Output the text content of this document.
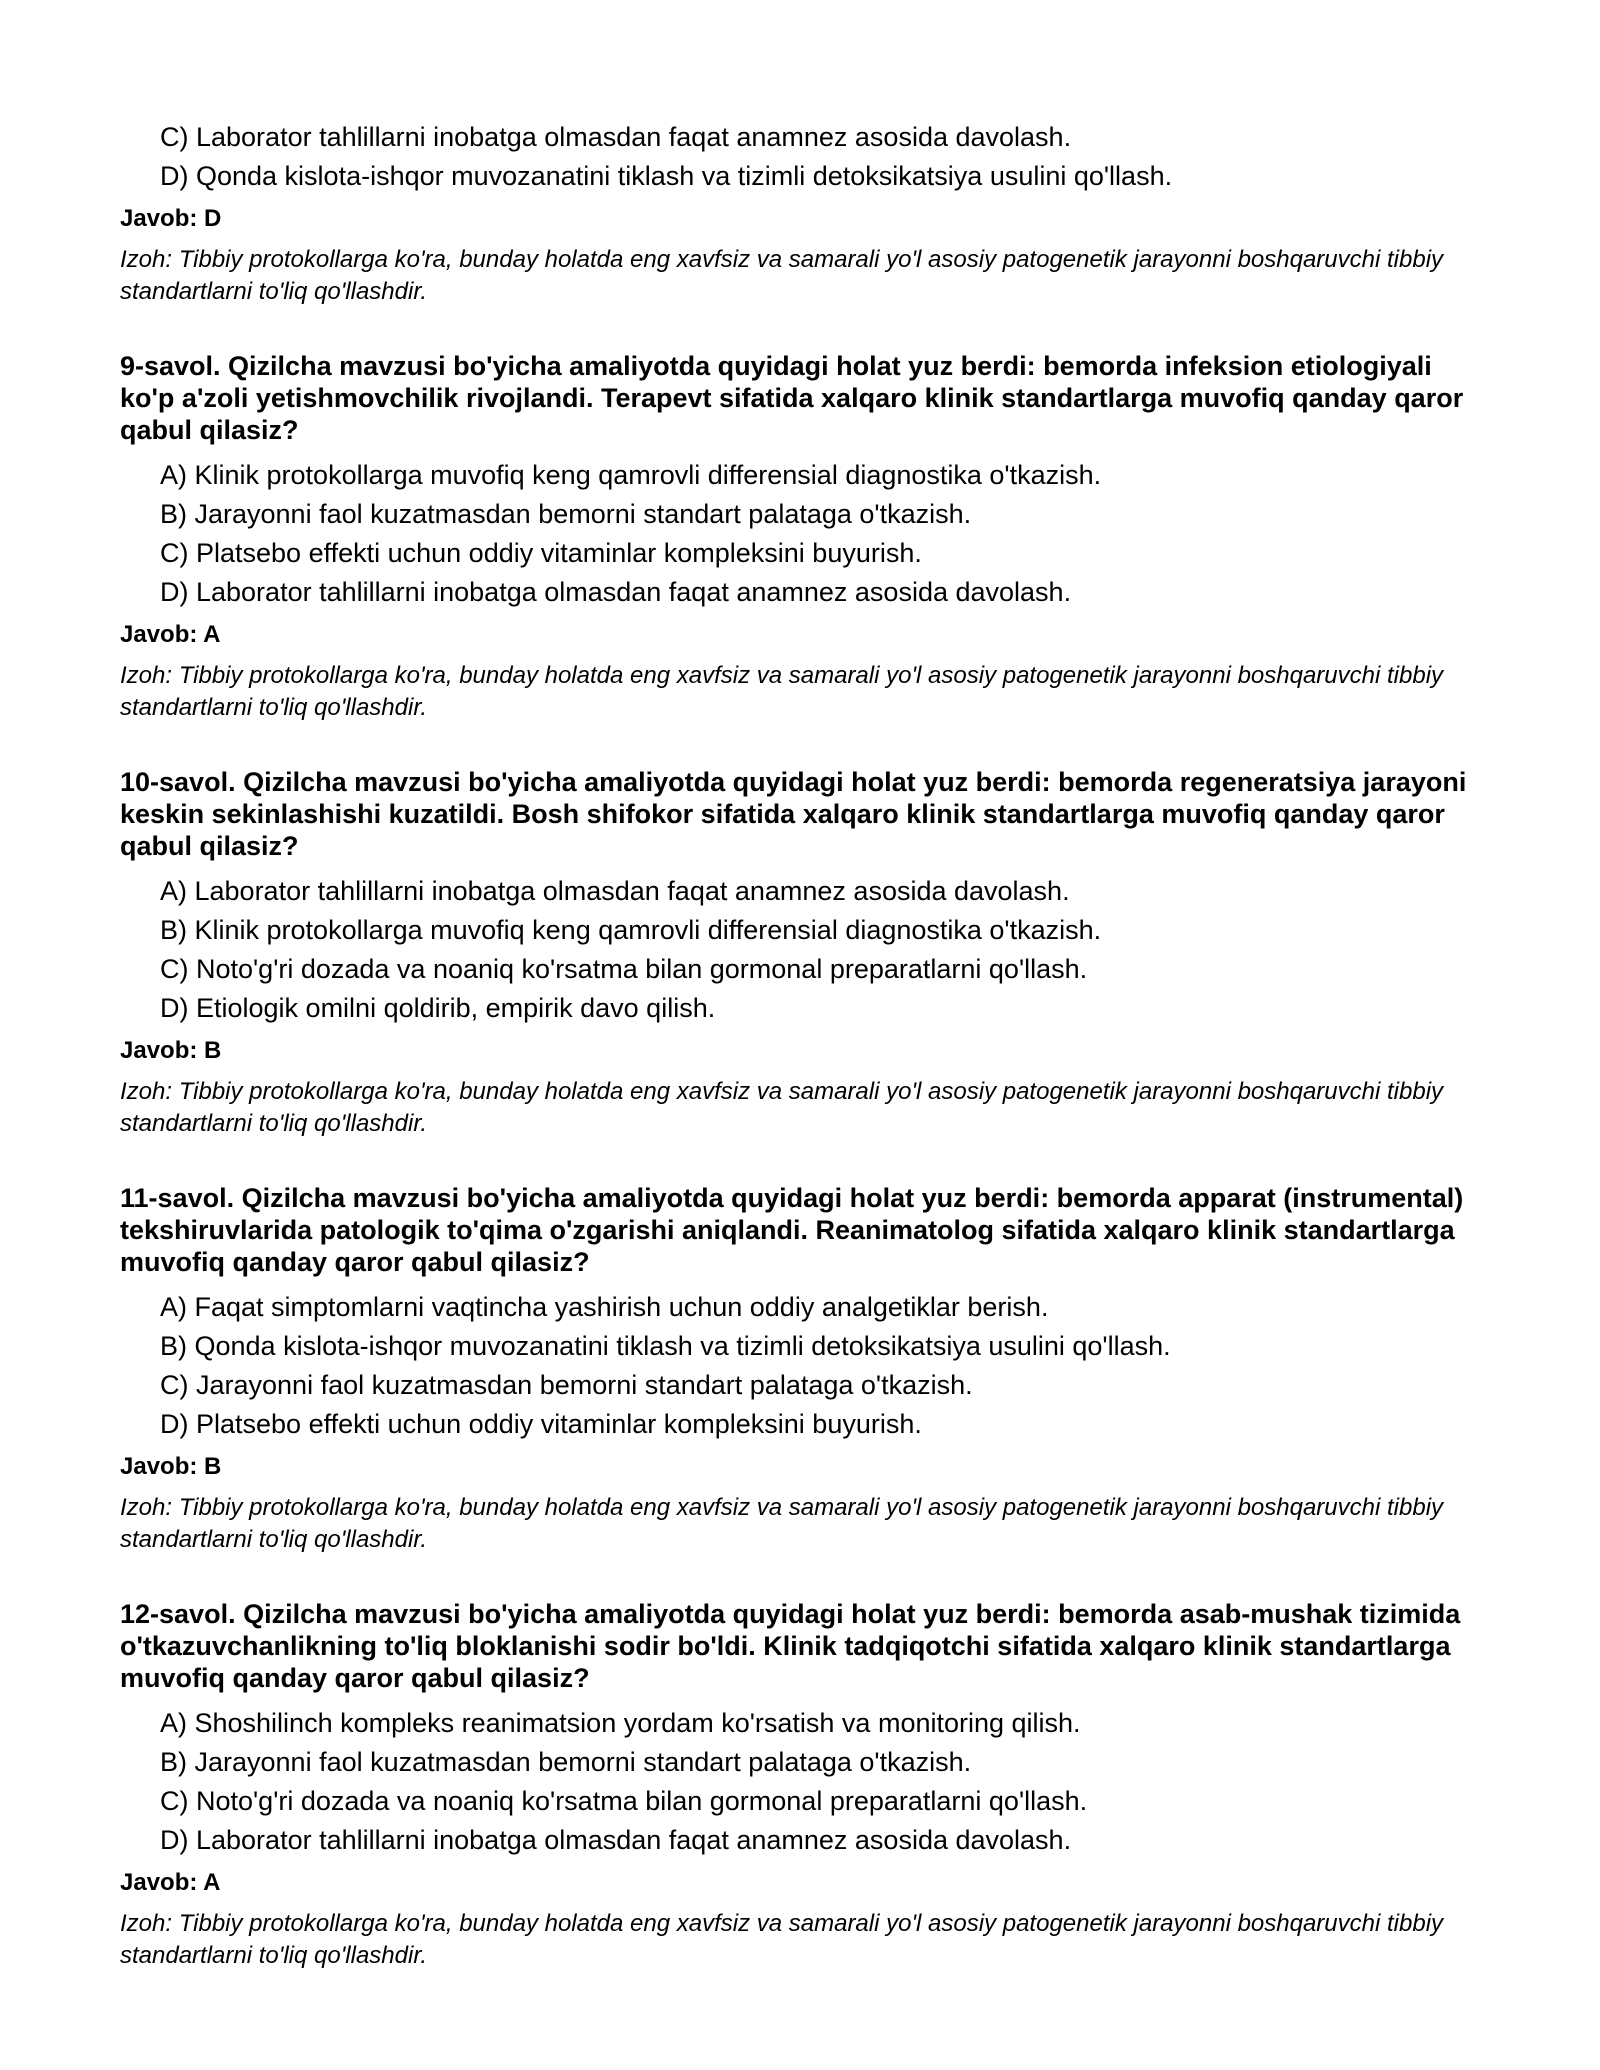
C) Laborator tahlillarni inobatga olmasdan faqat anamnez asosida davolash.
D) Qonda kislota-ishqor muvozanatini tiklash va tizimli detoksikatsiya usulini qo'llash.
Javob: D
Izoh: Tibbiy protokollarga ko'ra, bunday holatda eng xavfsiz va samarali yo'l asosiy patogenetik jarayonni boshqaruvchi tibbiy standartlarni to'liq qo'llashdir.
9-savol. Qizilcha mavzusi bo'yicha amaliyotda quyidagi holat yuz berdi: bemorda infeksion etiologiyali ko'p a'zoli yetishmovchilik rivojlandi. Terapevt sifatida xalqaro klinik standartlarga muvofiq qanday qaror qabul qilasiz?
A) Klinik protokollarga muvofiq keng qamrovli differensial diagnostika o'tkazish.
B) Jarayonni faol kuzatmasdan bemorni standart palataga o'tkazish.
C) Platsebo effekti uchun oddiy vitaminlar kompleksini buyurish.
D) Laborator tahlillarni inobatga olmasdan faqat anamnez asosida davolash.
Javob: A
Izoh: Tibbiy protokollarga ko'ra, bunday holatda eng xavfsiz va samarali yo'l asosiy patogenetik jarayonni boshqaruvchi tibbiy standartlarni to'liq qo'llashdir.
10-savol. Qizilcha mavzusi bo'yicha amaliyotda quyidagi holat yuz berdi: bemorda regeneratsiya jarayoni keskin sekinlashishi kuzatildi. Bosh shifokor sifatida xalqaro klinik standartlarga muvofiq qanday qaror qabul qilasiz?
A) Laborator tahlillarni inobatga olmasdan faqat anamnez asosida davolash.
B) Klinik protokollarga muvofiq keng qamrovli differensial diagnostika o'tkazish.
C) Noto'g'ri dozada va noaniq ko'rsatma bilan gormonal preparatlarni qo'llash.
D) Etiologik omilni qoldirib, empirik davo qilish.
Javob: B
Izoh: Tibbiy protokollarga ko'ra, bunday holatda eng xavfsiz va samarali yo'l asosiy patogenetik jarayonni boshqaruvchi tibbiy standartlarni to'liq qo'llashdir.
11-savol. Qizilcha mavzusi bo'yicha amaliyotda quyidagi holat yuz berdi: bemorda apparat (instrumental) tekshiruvlarida patologik to'qima o'zgarishi aniqlandi. Reanimatolog sifatida xalqaro klinik standartlarga muvofiq qanday qaror qabul qilasiz?
A) Faqat simptomlarni vaqtincha yashirish uchun oddiy analgetiklar berish.
B) Qonda kislota-ishqor muvozanatini tiklash va tizimli detoksikatsiya usulini qo'llash.
C) Jarayonni faol kuzatmasdan bemorni standart palataga o'tkazish.
D) Platsebo effekti uchun oddiy vitaminlar kompleksini buyurish.
Javob: B
Izoh: Tibbiy protokollarga ko'ra, bunday holatda eng xavfsiz va samarali yo'l asosiy patogenetik jarayonni boshqaruvchi tibbiy standartlarni to'liq qo'llashdir.
12-savol. Qizilcha mavzusi bo'yicha amaliyotda quyidagi holat yuz berdi: bemorda asab-mushak tizimida o'tkazuvchanlikning to'liq bloklanishi sodir bo'ldi. Klinik tadqiqotchi sifatida xalqaro klinik standartlarga muvofiq qanday qaror qabul qilasiz?
A) Shoshilinch kompleks reanimatsion yordam ko'rsatish va monitoring qilish.
B) Jarayonni faol kuzatmasdan bemorni standart palataga o'tkazish.
C) Noto'g'ri dozada va noaniq ko'rsatma bilan gormonal preparatlarni qo'llash.
D) Laborator tahlillarni inobatga olmasdan faqat anamnez asosida davolash.
Javob: A
Izoh: Tibbiy protokollarga ko'ra, bunday holatda eng xavfsiz va samarali yo'l asosiy patogenetik jarayonni boshqaruvchi tibbiy standartlarni to'liq qo'llashdir.
